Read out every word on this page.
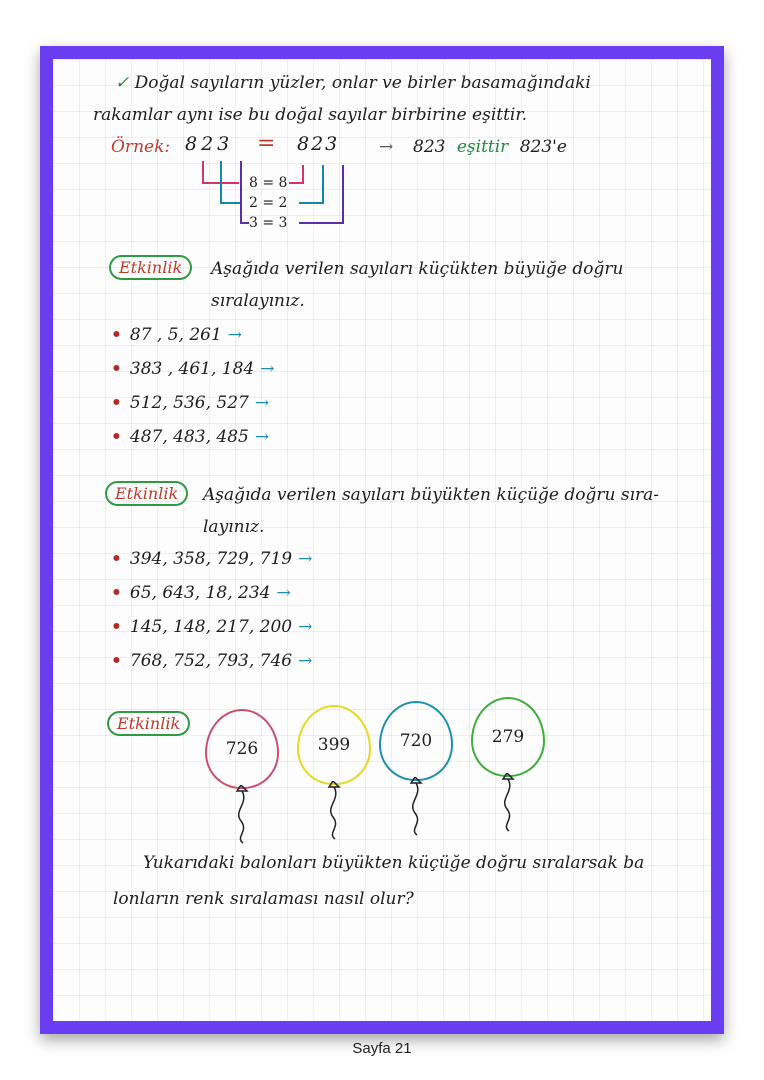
✓ Doğal sayıların yüzler, onlar ve birler basamağındaki
rakamlar aynı ise bu doğal sayılar birbirine eşittir.
Örnek: 823 = 823 → 823 eşittir 823'e
8 = 8
2 = 2
3 = 3
Etkinlik	Aşağıda verilen sayıları küçükten büyüğe doğru
sıralayınız.
• 87 , 5, 261 →
• 383 , 461, 184 →
• 512, 536, 527 →
• 487, 483, 485 →
Etkinlik	Aşağıda verilen sayıları büyükten küçüğe doğru sıra-
layınız.
• 394, 358, 729, 719 →
• 65, 643, 18, 234 →
• 145, 148, 217, 200 →
• 768, 752, 793, 746 →
Etkinlik
726	399	720	279
Yukarıdaki balonları büyükten küçüğe doğru sıralarsak ba
lonların renk sıralaması nasıl olur?
Sayfa 21
